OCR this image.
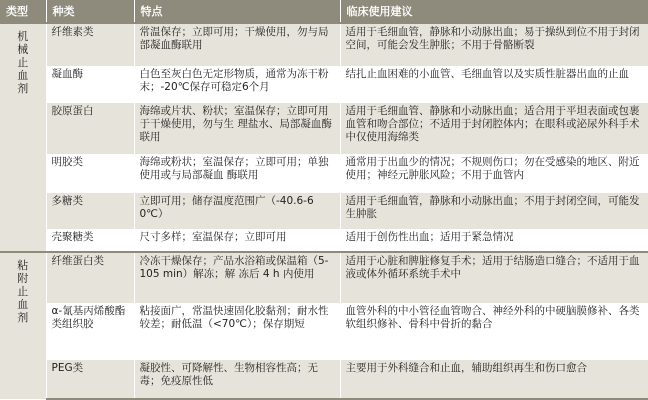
类型	种类	特点	临床使用建议

机械止血剂	纤维素类	常温保存；立即可用；干燥使用，勿与局部凝血酶联用	适用于毛细血管，静脉和小动脉出血；易于操纵到位不用于封闭空间，可能会发生肿胀；不用于骨骼断裂
	凝血酶	白色至灰白色无定形物质，通常为冻干粉末；-20℃保存可稳定6个月	结扎止血困难的小血管、毛细血管以及实质性脏器出血的止血
	胶原蛋白	海绵或片状、粉状；室温保存；立即可用于干燥使用，勿与生 理盐水、局部凝血酶联用	适用于毛细血管、静脉和小动脉出血；适合用于平坦表面或包裹血管和吻合部位；不适用于封闭腔体内；在眼科或泌尿外科手术中仅使用海绵类
	明胶类	海绵或粉状；室温保存；立即可用；单独使用或与局部凝血 酶联用	通常用于出血少的情况；不规则伤口；勿在受感染的地区、附近使用；神经元肿胀风险；不用于血管内
	多糖类	立即可用；储存温度范围广（-40.6-60℃）	适用于毛细血管，静脉和小动脉出血；不用于封闭空间，可能发生肿胀
	壳聚糖类	尺寸多样；室温保存；立即可用	适用于创伤性出血；适用于紧急情况

粘附止血剂	纤维蛋白类	冷冻干燥保存；产品水浴箱或保温箱（5-105 min）解冻；解 冻后 4 h 内使用	适用于心脏和脾脏修复手术；适用于结肠造口缝合；不适用于血液或体外循环系统手术中
	α-氰基丙烯酸酯类组织胶	粘接面广，常温快速固化胶黏剂；耐水性较差；耐低温（<70℃）；保存期短	血管外科的中小管径血管吻合、神经外科的中硬脑膜修补、各类软组织修补、骨科中骨折的黏合
	PEG类	凝胶性、可降解性、生物相容性高；无毒；免疫原性低	主要用于外科缝合和止血，辅助组织再生和伤口愈合
